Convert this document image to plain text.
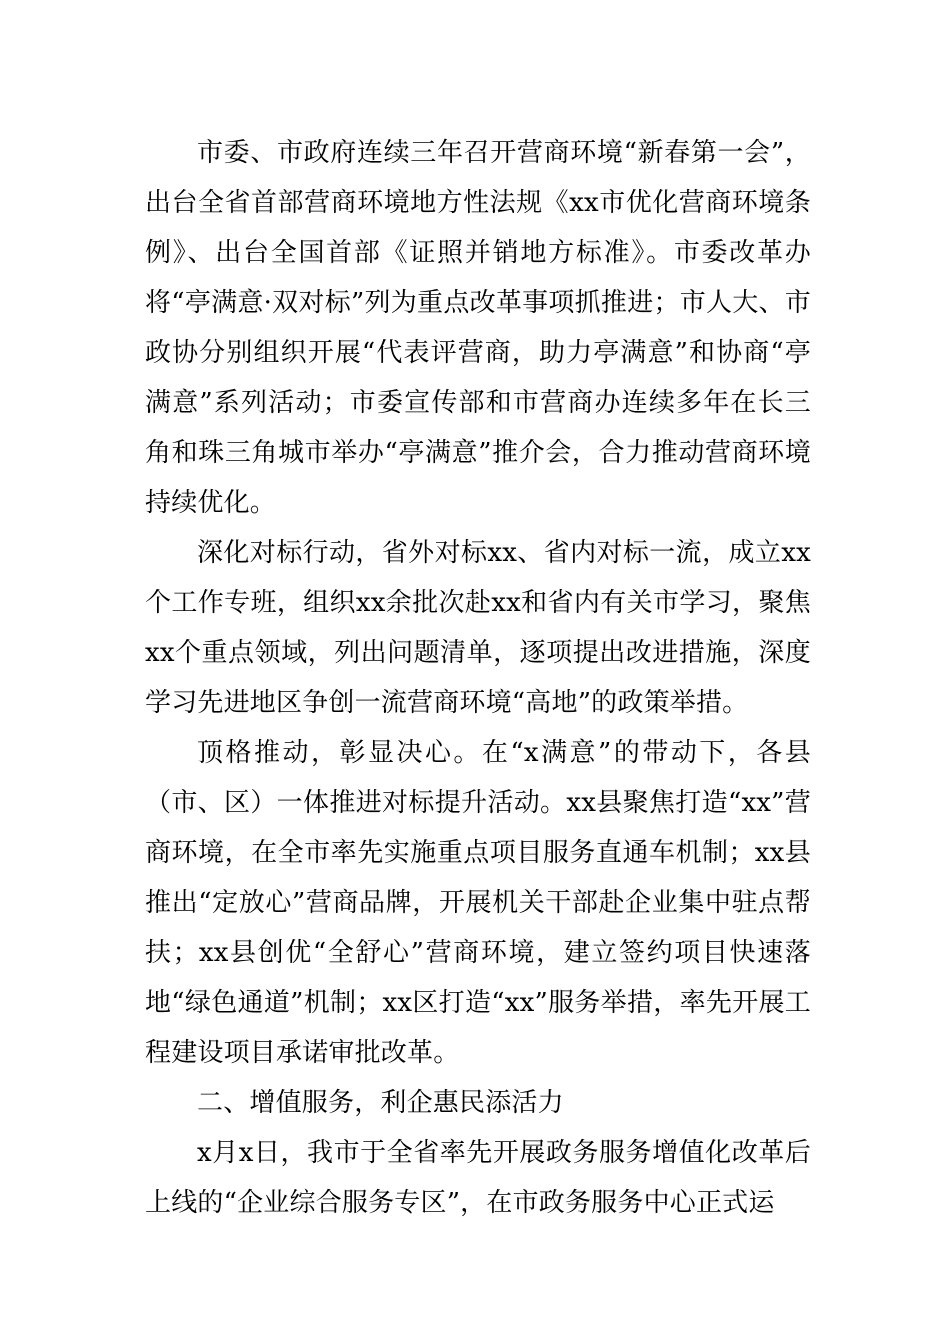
市委、市政府连续三年召开营商环境“新春第一会”，出台全省首部营商环境地方性法规《xx市优化营商环境条例》、出台全国首部《证照并销地方标准》。市委改革办将“亭满意·双对标”列为重点改革事项抓推进；市人大、市政协分别组织开展“代表评营商，助力亭满意”和协商“亭满意”系列活动；市委宣传部和市营商办连续多年在长三角和珠三角城市举办“亭满意”推介会，合力推动营商环境持续优化。

深化对标行动，省外对标xx、省内对标一流，成立xx个工作专班，组织xx余批次赴xx和省内有关市学习，聚焦xx个重点领域，列出问题清单，逐项提出改进措施，深度学习先进地区争创一流营商环境“高地”的政策举措。

顶格推动，彰显决心。在“x满意”的带动下，各县（市、区）一体推进对标提升活动。xx县聚焦打造“xx”营商环境，在全市率先实施重点项目服务直通车机制；xx县推出“定放心”营商品牌，开展机关干部赴企业集中驻点帮扶；xx县创优“全舒心”营商环境，建立签约项目快速落地“绿色通道”机制；xx区打造“xx”服务举措，率先开展工程建设项目承诺审批改革。

二、增值服务，利企惠民添活力

x月x日，我市于全省率先开展政务服务增值化改革后上线的“企业综合服务专区”，在市政务服务中心正式运
